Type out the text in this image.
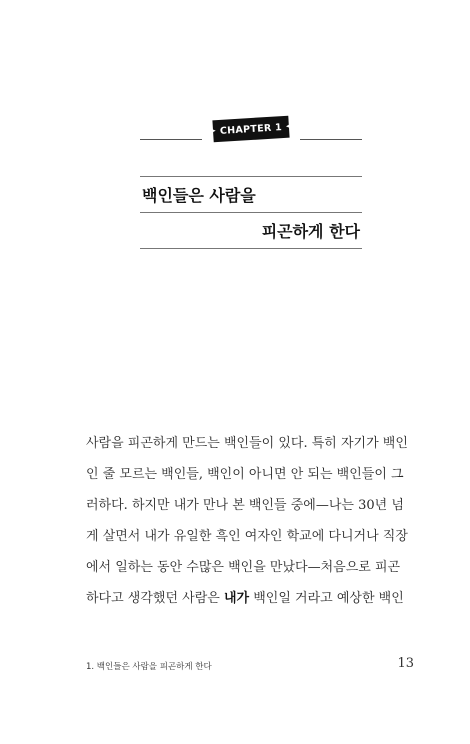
▸ CHAPTER 1 ◂
백인들은 사람을
피곤하게 한다
사람을 피곤하게 만드는 백인들이 있다. 특히 자기가 백인
인 줄 모르는 백인들, 백인이 아니면 안 되는 백인들이 그
러하다. 하지만 내가 만나 본 백인들 중에—나는 30년 넘
게 살면서 내가 유일한 흑인 여자인 학교에 다니거나 직장
에서 일하는 동안 수많은 백인을 만났다—처음으로 피곤
하다고 생각했던 사람은 내가 백인일 거라고 예상한 백인
1. 백인들은 사람을 피곤하게 한다	13
